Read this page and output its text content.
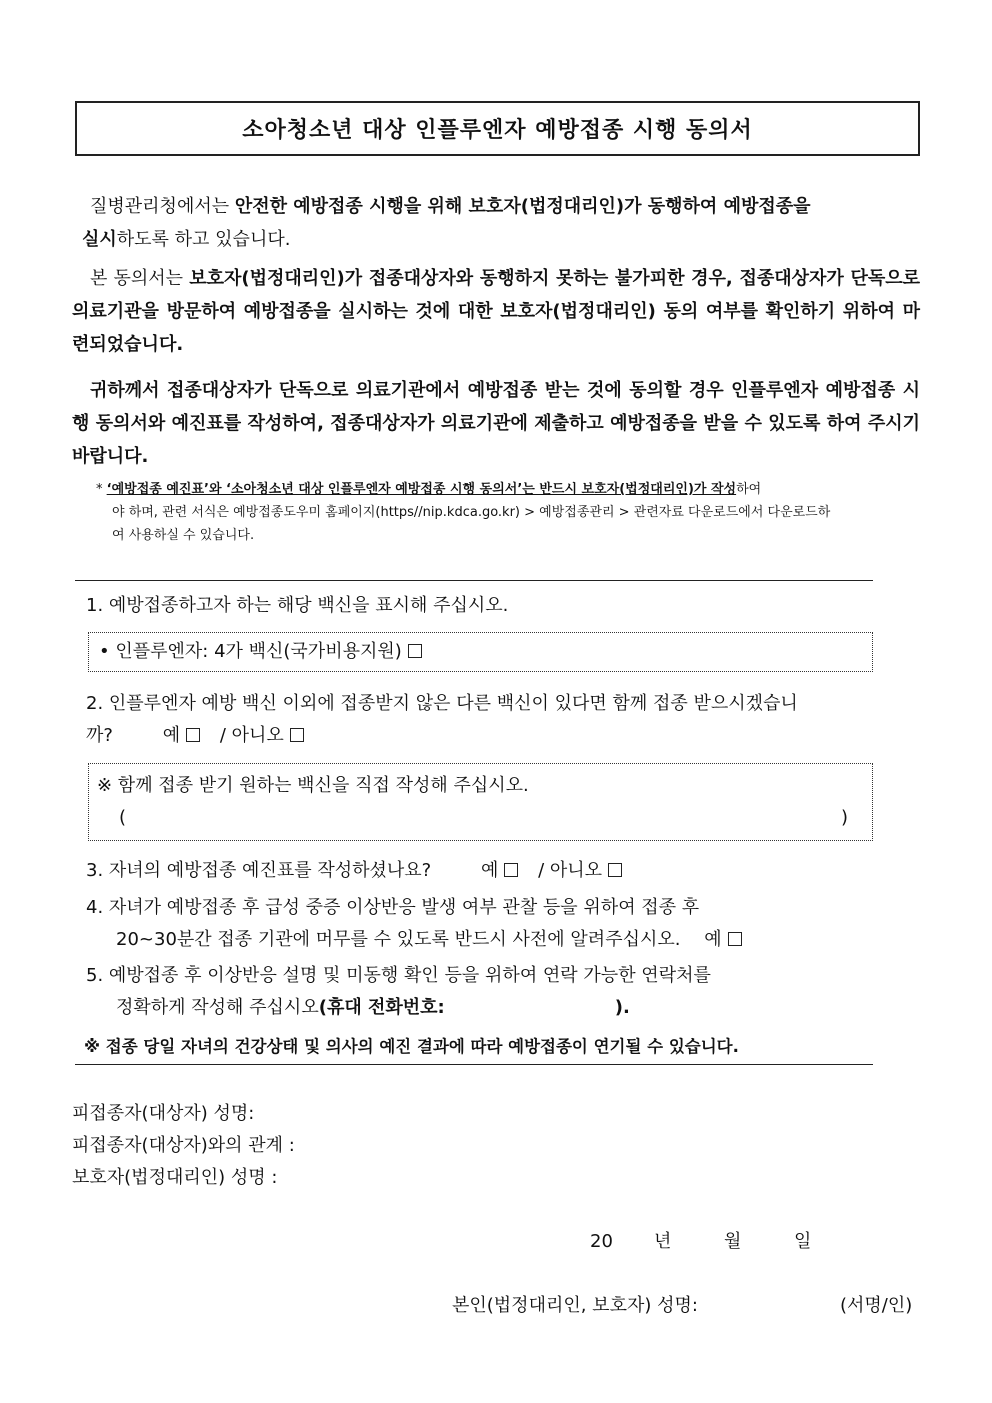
소아청소년 대상 인플루엔자 예방접종 시행 동의서
질병관리청에서는 안전한 예방접종 시행을 위해 보호자(법정대리인)가 동행하여 예방접종을
실시하도록 하고 있습니다.
본 동의서는 보호자(법정대리인)가 접종대상자와 동행하지 못하는 불가피한 경우, 접종대상자가 단독으로 의료기관을 방문하여 예방접종을 실시하는 것에 대한 보호자(법정대리인) 동의 여부를 확인하기 위하여 마련되었습니다.
귀하께서 접종대상자가 단독으로 의료기관에서 예방접종 받는 것에 동의할 경우 인플루엔자 예방접종 시행 동의서와 예진표를 작성하여, 접종대상자가 의료기관에 제출하고 예방접종을 받을 수 있도록 하여 주시기 바랍니다.
* ‘예방접종 예진표’와 ‘소아청소년 대상 인플루엔자 예방접종 시행 동의서’는 반드시 보호자(법정대리인)가 작성하여
야 하며, 관련 서식은 예방접종도우미 홈페이지(https//nip.kdca.go.kr) > 예방접종관리 > 관련자료 다운로드에서 다운로드하
여 사용하실 수 있습니다.
1. 예방접종하고자 하는 해당 백신을 표시해 주십시오.
• 인플루엔자: 4가 백신(국가비용지원)
2. 인플루엔자 예방 백신 이외에 접종받지 않은 다른 백신이 있다면 함께 접종 받으시겠습니
까?	예 / 아니오
※ 함께 접종 받기 원하는 백신을 직접 작성해 주십시오.
(	)
3. 자녀의 예방접종 예진표를 작성하셨나요?	예 / 아니오
4. 자녀가 예방접종 후 급성 중증 이상반응 발생 여부 관찰 등을 위하여 접종 후
20~30분간 접종 기관에 머무를 수 있도록 반드시 사전에 알려주십시오. 예
5. 예방접종 후 이상반응 설명 및 미동행 확인 등을 위하여 연락 가능한 연락처를
정확하게 작성해 주십시오(휴대 전화번호:	).
※ 접종 당일 자녀의 건강상태 및 의사의 예진 결과에 따라 예방접종이 연기될 수 있습니다.
피접종자(대상자) 성명:
피접종자(대상자)와의 관계 :
보호자(법정대리인) 성명 :
20 년	월	일
본인(법정대리인, 보호자) 성명:	(서명/인)
